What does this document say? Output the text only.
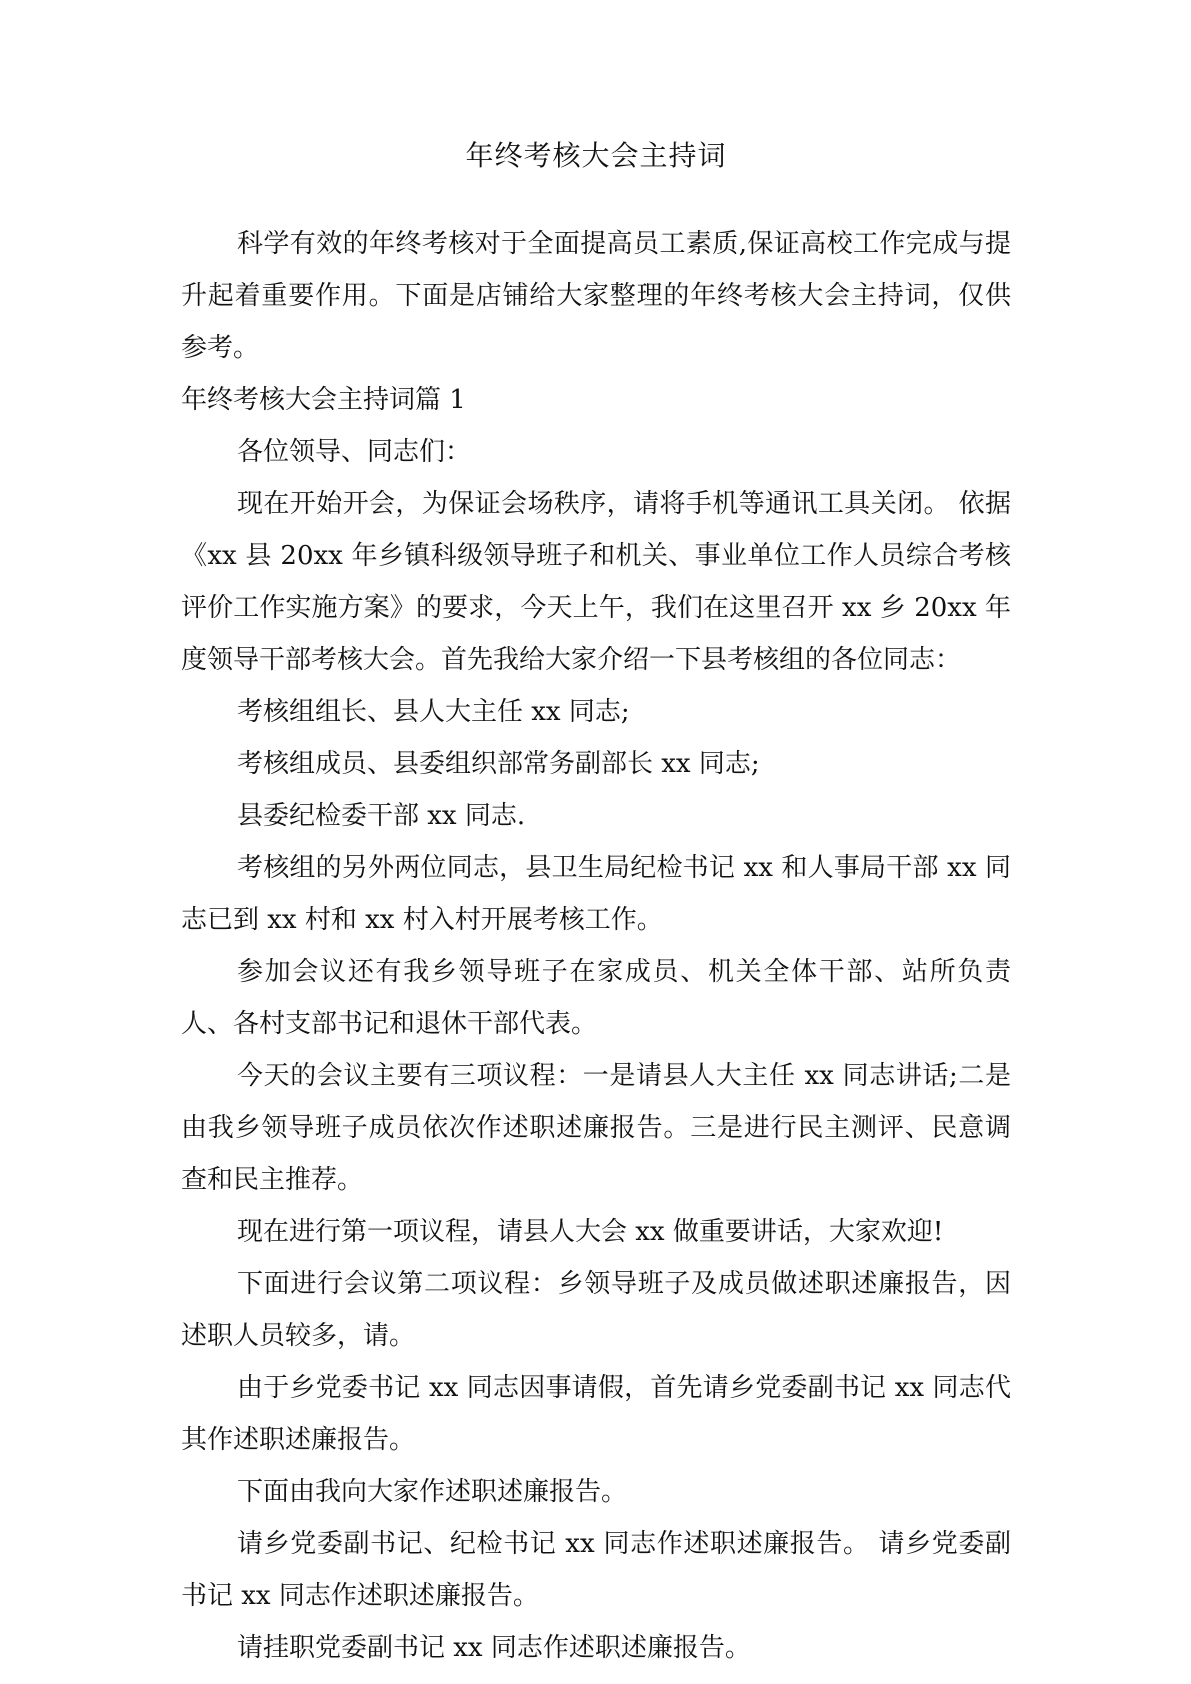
年终考核大会主持词

科学有效的年终考核对于全面提高员工素质,保证高校工作完成与提升起着重要作用。下面是店铺给大家整理的年终考核大会主持词，仅供参考。

年终考核大会主持词篇 1

各位领导、同志们：

现在开始开会，为保证会场秩序，请将手机等通讯工具关闭。 依据《xx 县 20xx 年乡镇科级领导班子和机关、事业单位工作人员综合考核评价工作实施方案》的要求，今天上午，我们在这里召开 xx 乡 20xx 年度领导干部考核大会。首先我给大家介绍一下县考核组的各位同志：

考核组组长、县人大主任 xx 同志;

考核组成员、县委组织部常务副部长 xx 同志;

县委纪检委干部 xx 同志.

考核组的另外两位同志，县卫生局纪检书记 xx 和人事局干部 xx 同志已到 xx 村和 xx 村入村开展考核工作。

参加会议还有我乡领导班子在家成员、机关全体干部、站所负责人、各村支部书记和退休干部代表。

今天的会议主要有三项议程：一是请县人大主任 xx 同志讲话;二是由我乡领导班子成员依次作述职述廉报告。三是进行民主测评、民意调查和民主推荐。

现在进行第一项议程，请县人大会 xx 做重要讲话，大家欢迎!

下面进行会议第二项议程：乡领导班子及成员做述职述廉报告，因述职人员较多，请。

由于乡党委书记 xx 同志因事请假，首先请乡党委副书记 xx 同志代其作述职述廉报告。

下面由我向大家作述职述廉报告。

请乡党委副书记、纪检书记 xx 同志作述职述廉报告。 请乡党委副书记 xx 同志作述职述廉报告。

请挂职党委副书记 xx 同志作述职述廉报告。
